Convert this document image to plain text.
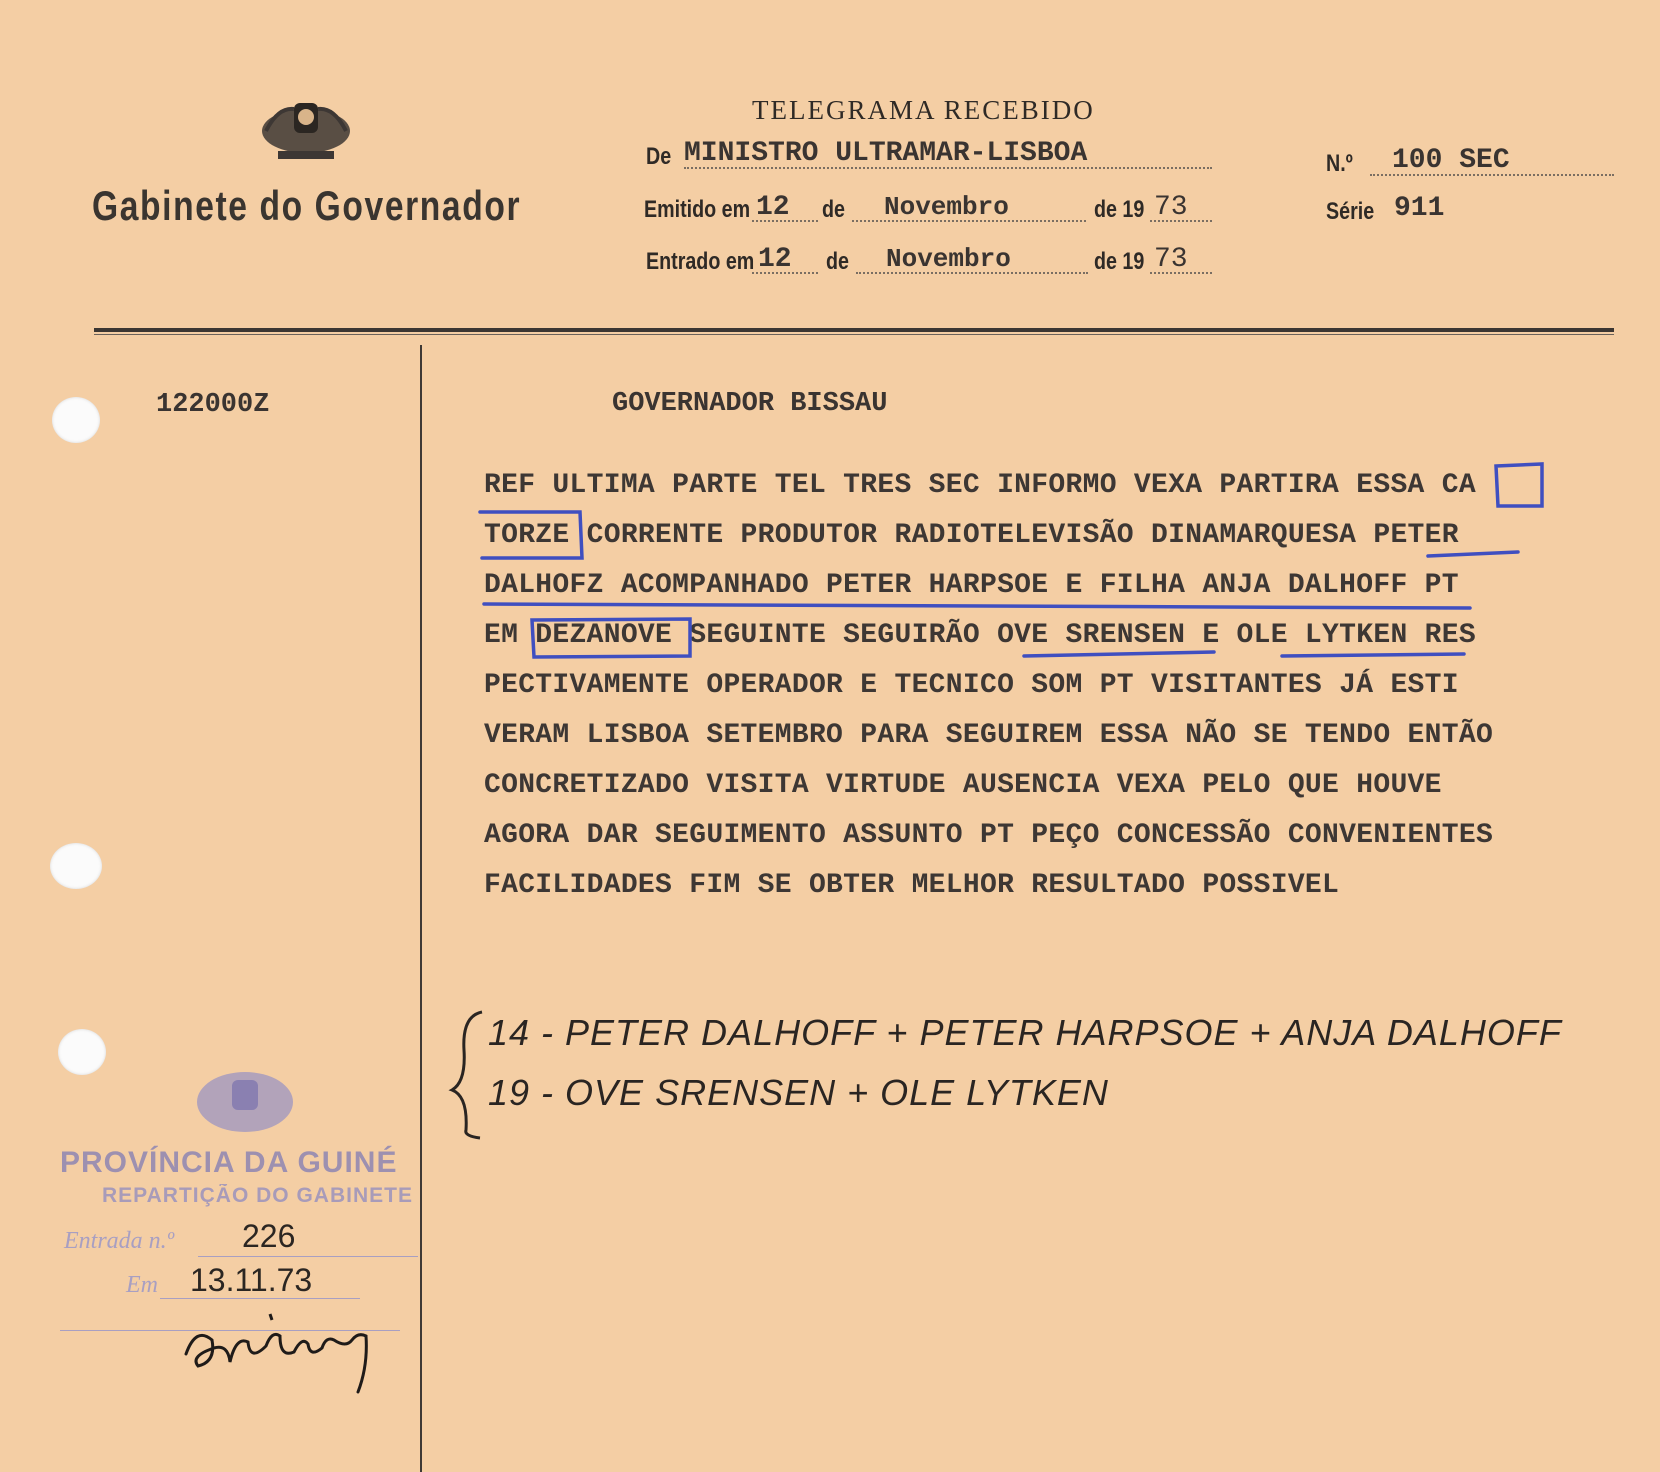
Gabinete do Governador
TELEGRAMA RECEBIDO
De MINISTRO ULTRAMAR-LISBOA
Emitido em 12 de Novembro	de 19 73
Entrado em 12 de Novembro	de 19 73
N.º 100 SEC
Série 911
122000Z	GOVERNADOR BISSAU
REF ULTIMA PARTE TEL TRES SEC INFORMO VEXA PARTIRA ESSA CA
TORZE CORRENTE PRODUTOR RADIOTELEVISÃO DINAMARQUESA PETER
DALHOFZ ACOMPANHADO PETER HARPSOE E FILHA ANJA DALHOFF PT
EM DEZANOVE SEGUINTE SEGUIRÃO OVE SRENSEN E OLE LYTKEN RES
PECTIVAMENTE OPERADOR E TECNICO SOM PT VISITANTES JÁ ESTI
VERAM LISBOA SETEMBRO PARA SEGUIREM ESSA NÃO SE TENDO ENTÃO
CONCRETIZADO VISITA VIRTUDE AUSENCIA VEXA PELO QUE HOUVE
AGORA DAR SEGUIMENTO ASSUNTO PT PEÇO CONCESSÃO CONVENIENTES
FACILIDADES FIM SE OBTER MELHOR RESULTADO POSSIVEL
14 - PETER DALHOFF + PETER HARPSOE + ANJA DALHOFF
19 - OVE SRENSEN + OLE LYTKEN
PROVÍNCIA DA GUINÉ
REPARTIÇÃO DO GABINETE
Entrada n.º 226
Em 13.11.73
